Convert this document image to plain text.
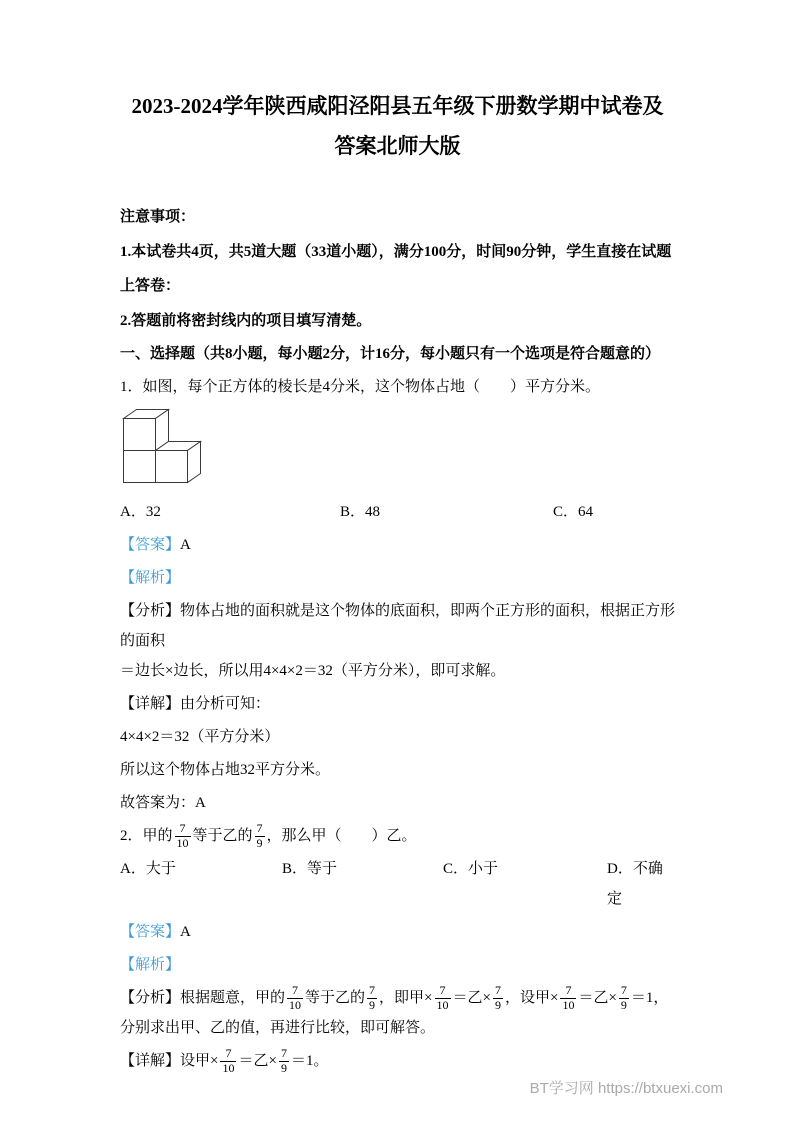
2023-2024学年陕西咸阳泾阳县五年级下册数学期中试卷及
答案北师大版

注意事项：

1.本试卷共4页，共5道大题（33道小题），满分100分，时间90分钟，学生直接在试题
上答卷：

2.答题前将密封线内的项目填写清楚。

一、选择题（共8小题，每小题2分，计16分，每小题只有一个选项是符合题意的）

1．如图，每个正方体的棱长是4分米，这个物体占地（　　）平方分米。

A．32	B．48	C．64

【答案】A

【解析】

【分析】物体占地的面积就是这个物体的底面积，即两个正方形的面积，根据正方形的面积
＝边长×边长，所以用4×4×2＝32（平方分米），即可求解。

【详解】由分析可知：

4×4×2＝32（平方分米）

所以这个物体占地32平方分米。

故答案为：A

2．甲的 $\frac{7}{10}$ 等于乙的 $\frac{7}{9}$ ，那么甲（　　）乙。

A．大于	B．等于	C．小于	D．不确定

【答案】A

【解析】

【分析】根据题意，甲的 $\frac{7}{10}$ 等于乙的 $\frac{7}{9}$ ，即甲× $\frac{7}{10}$ ＝乙× $\frac{7}{9}$ ，设甲× $\frac{7}{10}$ ＝乙× $\frac{7}{9} =1$，
分别求出甲、乙的值，再进行比较，即可解答。

【详解】设甲× $\frac{7}{10}$ ＝乙× $\frac{7}{9} =1$。

BT学习网 https://btxuexi.com
